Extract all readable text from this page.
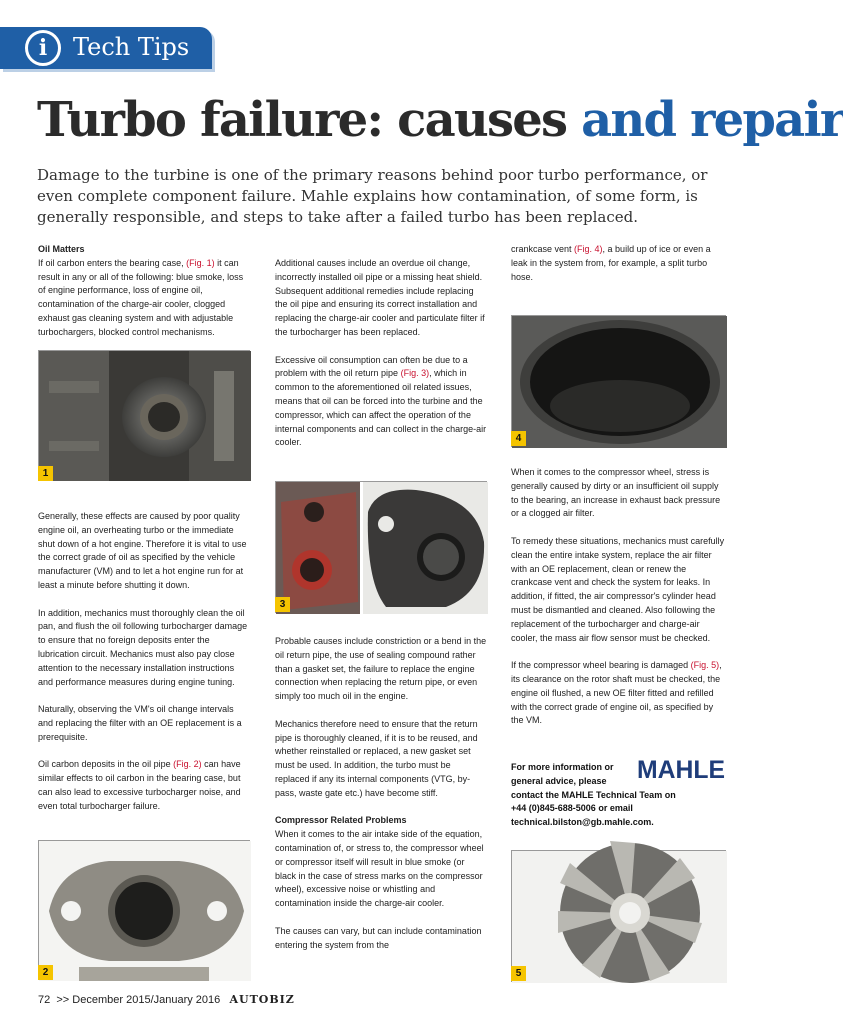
i	Tech Tips
Turbo failure: causes and repair

Damage to the turbine is one of the primary reasons behind poor turbo performance, or even complete component failure. Mahle explains how contamination, of some form, is generally responsible, and steps to take after a failed turbo has been replaced.

Oil Matters

If oil carbon enters the bearing case, (Fig. 1) it can result in any or all of the following: blue smoke, loss of engine performance, loss of engine oil, contamination of the charge-air cooler, clogged exhaust gas cleaning system and with adjustable turbochargers, blocked control mechanisms.

1

Generally, these effects are caused by poor quality engine oil, an overheating turbo or the immediate shut down of a hot engine. Therefore it is vital to use the correct grade of oil as specified by the vehicle manufacturer (VM) and to let a hot engine run for at least a minute before shutting it down.

In addition, mechanics must thoroughly clean the oil pan, and flush the oil following turbocharger damage to ensure that no foreign deposits enter the lubrication circuit. Mechanics must also pay close attention to the necessary installation instructions and performance measures during engine tuning.

Naturally, observing the VM's oil change intervals and replacing the filter with an OE replacement is a prerequisite.

Oil carbon deposits in the oil pipe (Fig. 2) can have similar effects to oil carbon in the bearing case, but can also lead to excessive turbocharger noise, and even total turbocharger failure.

2

Additional causes include an overdue oil change, incorrectly installed oil pipe or a missing heat shield. Subsequent additional remedies include replacing the oil pipe and ensuring its correct installation and replacing the charge-air cooler and particulate filter if the turbocharger has been replaced.

Excessive oil consumption can often be due to a problem with the oil return pipe (Fig. 3), which in common to the aforementioned oil related issues, means that oil can be forced into the turbine and the compressor, which can affect the operation of the internal components and can collect in the charge-air cooler.

3

Probable causes include constriction or a bend in the oil return pipe, the use of sealing compound rather than a gasket set, the failure to replace the engine connection when replacing the return pipe, or even simply too much oil in the engine.

Mechanics therefore need to ensure that the return pipe is thoroughly cleaned, if it is to be reused, and whether reinstalled or replaced, a new gasket set must be used. In addition, the turbo must be replaced if any its internal components (VTG, by-pass, waste gate etc.) have become stiff.

Compressor Related Problems

When it comes to the air intake side of the equation, contamination of, or stress to, the compressor wheel or compressor itself will result in blue smoke (or black in the case of stress marks on the compressor wheel), excessive noise or whistling and contamination inside the charge-air cooler.

The causes can vary, but can include contamination entering the system from the

crankcase vent (Fig. 4), a build up of ice or even a leak in the system from, for example, a split turbo hose.

4

When it comes to the compressor wheel, stress is generally caused by dirty or an insufficient oil supply to the bearing, an increase in exhaust back pressure or a clogged air filter.

To remedy these situations, mechanics must carefully clean the entire intake system, replace the air filter with an OE replacement, clean or renew the crankcase vent and check the system for leaks. In addition, if fitted, the air compressor's cylinder head must be dismantled and cleaned. Also following the replacement of the turbocharger and charge-air cooler, the mass air flow sensor must be checked.

If the compressor wheel bearing is damaged (Fig. 5), its clearance on the rotor shaft must be checked, the engine oil flushed, a new OE filter fitted and refilled with the correct grade of engine oil, as specified by the VM.

For more information or
general advice, please
contact the MAHLE Technical Team on
+44 (0)845-688-5006 or email
technical.bilston@gb.mahle.com.
MAHLE
5
72 >> December 2015/January 2016 AUTOBIZ
